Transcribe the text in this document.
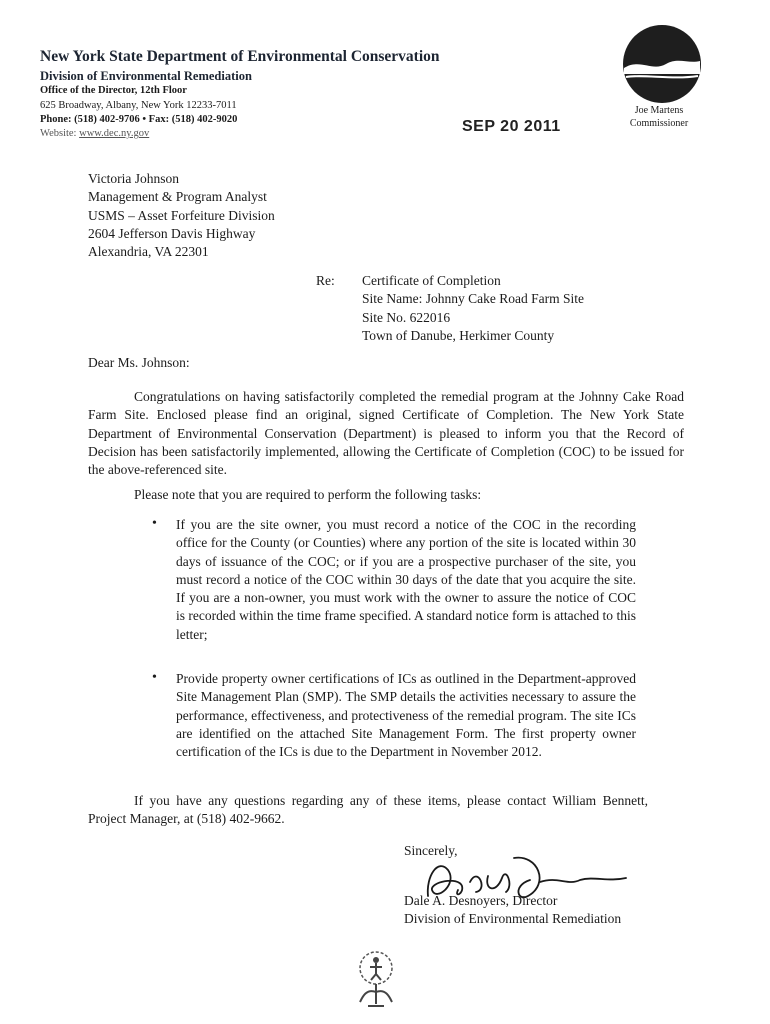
New York State Department of Environmental Conservation
Division of Environmental Remediation
Office of the Director, 12th Floor
625 Broadway, Albany, New York 12233-7011
Phone: (518) 402-9706 • Fax: (518) 402-9020
Website: www.dec.ny.gov

Joe Martens
Commissioner
SEP 20 2011
Victoria Johnson
Management & Program Analyst
USMS – Asset Forfeiture Division
2604 Jefferson Davis Highway
Alexandria, VA 22301
Re: Certificate of Completion
Site Name: Johnny Cake Road Farm Site
Site No. 622016
Town of Danube, Herkimer County
Dear Ms. Johnson:
Congratulations on having satisfactorily completed the remedial program at the Johnny Cake Road Farm Site. Enclosed please find an original, signed Certificate of Completion. The New York State Department of Environmental Conservation (Department) is pleased to inform you that the Record of Decision has been satisfactorily implemented, allowing the Certificate of Completion (COC) to be issued for the above-referenced site.
Please note that you are required to perform the following tasks:
• If you are the site owner, you must record a notice of the COC in the recording office for the County (or Counties) where any portion of the site is located within 30 days of issuance of the COC; or if you are a prospective purchaser of the site, you must record a notice of the COC within 30 days of the date that you acquire the site. If you are a non-owner, you must work with the owner to assure the notice of COC is recorded within the time frame specified. A standard notice form is attached to this letter;
• Provide property owner certifications of ICs as outlined in the Department-approved Site Management Plan (SMP). The SMP details the activities necessary to assure the performance, effectiveness, and protectiveness of the remedial program. The site ICs are identified on the attached Site Management Form. The first property owner certification of the ICs is due to the Department in November 2012.
If you have any questions regarding any of these items, please contact William Bennett, Project Manager, at (518) 402-9662.
Sincerely,
Dale A. Desnoyers, Director
Division of Environmental Remediation
